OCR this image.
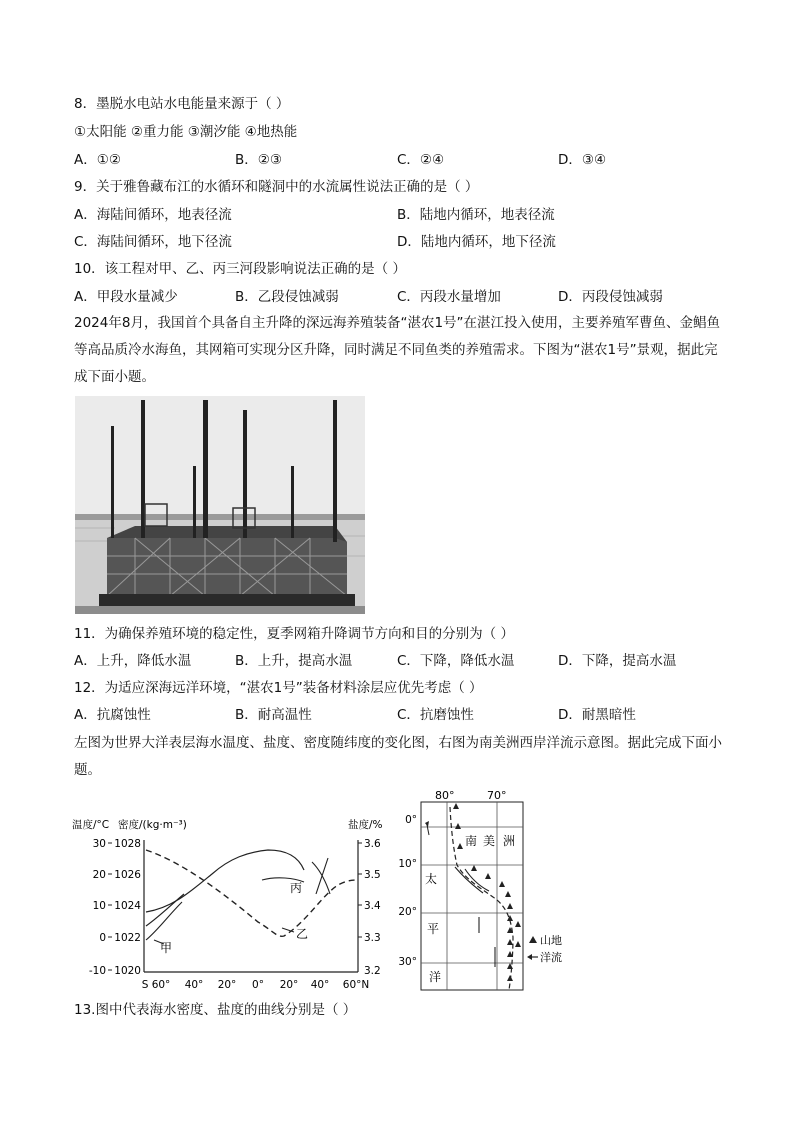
8．墨脱水电站水电能量来源于（ ）
①太阳能 ②重力能 ③潮汐能 ④地热能
A．①②	B．②③	C．②④	D．③④
9．关于雅鲁藏布江的水循环和隧洞中的水流属性说法正确的是（ ）
A．海陆间循环，地表径流	B．陆地内循环，地表径流
C．海陆间循环，地下径流	D．陆地内循环，地下径流
10．该工程对甲、乙、丙三河段影响说法正确的是（ ）
A．甲段水量减少	B．乙段侵蚀减弱	C．丙段水量增加	D．丙段侵蚀减弱
2024年8月，我国首个具备自主升降的深远海养殖装备“湛农1号”在湛江投入使用，主要养殖军曹鱼、金鲳鱼等高品质冷水海鱼，其网箱可实现分区升降，同时满足不同鱼类的养殖需求。下图为“湛农1号”景观，据此完成下面小题。
11．为确保养殖环境的稳定性，夏季网箱升降调节方向和目的分别为（ ）
A．上升，降低水温	B．上升，提高水温	C．下降，降低水温	D．下降，提高水温
12．为适应深海远洋环境，“湛农1号”装备材料涂层应优先考虑（ ）
A．抗腐蚀性	B．耐高温性	C．抗磨蚀性	D．耐黑暗性
左图为世界大洋表层海水温度、盐度、密度随纬度的变化图，右图为南美洲西岸洋流示意图。据此完成下面小题。
温度/°C 密度/(kg·m⁻³)	盐度/%
30
20
10
0
-10
1028
1026
1024
1022
1020
3.6
3.5
3.4
3.3
3.2
S 60° 40° 20° 0° 20° 40° 60°N
甲
乙
丙
80°	70°
0°
10°
20°
30°
南 美 洲
太
平
洋
山地
洋流
13.图中代表海水密度、盐度的曲线分别是（ ）
